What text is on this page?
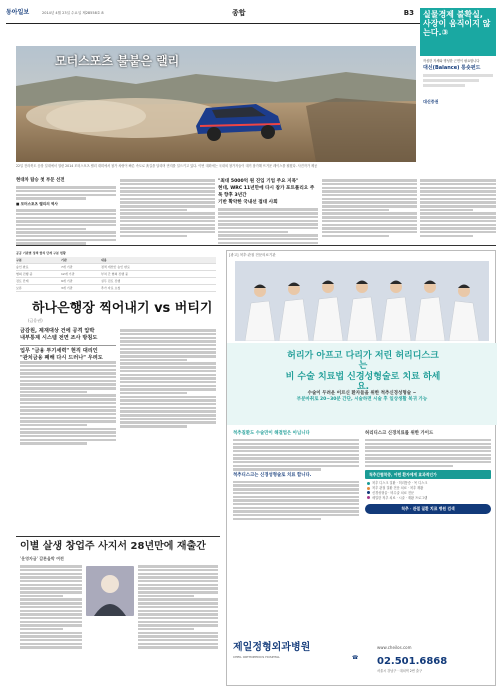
동아일보	2014년 4월 23일 수요일 제28558호 8	종합	B3 실물경제 불확실,
사장이 움직이지 않는다.③
작심한 자세와 명성한 근면이 필요합니다
대신(Balance) 롱숏펀드
대신증권
모터스포츠 불붙은 랠리
22일 전라북도 순창 일대에서 열린 2014 모터스포츠 랠리 대회에서 참가 차량이 빠른 속도로 흙길을 달리며 먼지를 일으키고 있다. 이번 대회에는 국내외 참가자들이 대거 참가해 뜨거운 레이스를 펼쳤다. 사진작가 제공
현대차 탑승 첫 부문 선전
■ 모터스포츠 랠리의 역사
"최대 5000억 원 진입 기업 주요 지목"
현대, WRC 11년만에 다시 참가 포트폴리오 주목 향후 3년간
기반 확약한 국내선 접대 사회
공공 기관별 정책 협의 단계 구분 현황
구분	기관	내용
승인 완료	7개 기관	정책 개선안 승인 완료
협의 진행 중	12개 기관	부처 간 협의 진행 중
검토 단계	9개 기관	실무 검토 진행
보류	3개 기관	추가 자료 요청
하나은행장 찍어내기 vs 버티기
(금융권)
금감원, 제재대상 건에 공격 압박
내부통제 시스템 전면 조사 방침도
업무 "금융 투기세력" 현직 대리인
"관치금융 폐해 다시 드러나" 우려도
이별 살생 창업주 사지서 28년만에 재출간
'운영자금' 갑론을박 여전
[광고] 척추·관절 전문의료기관
허리가 아프고 다리가 저린 허리디스크는
비 수술 치료법 신경성형술로 치료 하세요.
수술이 두려운 어르신 환자들을 위한 척추신경성형술 ~
부분마취로 20~30분 간단, 시술하면 시술 후 일상생활 복귀 가능
척추질환도 수술만이 해결법은 아닙니다
척추디스크는 신경성형술로 치료 합니다.
허리디스크 신경치료를 위한 가이드
척추간협착증, 어떤 환자에게 효과적인가
척추 디스크 질환 · 허리통증 · 목 디스크
척추 관절 질환 전문 치료 · 척추 재활
신경성형술 · 비수술 치료 전문
세밀한 척추 치료 · 시술 · 재활 프로그램
척추 · 관절 질환 치료 병원 검색
제일정형외과병원
CHEIL ORTHOPEDICS HOSPITAL	☎ 02.501.6868
www.cheilos.com
서울시 강남구 · 대치역 2번 출구
